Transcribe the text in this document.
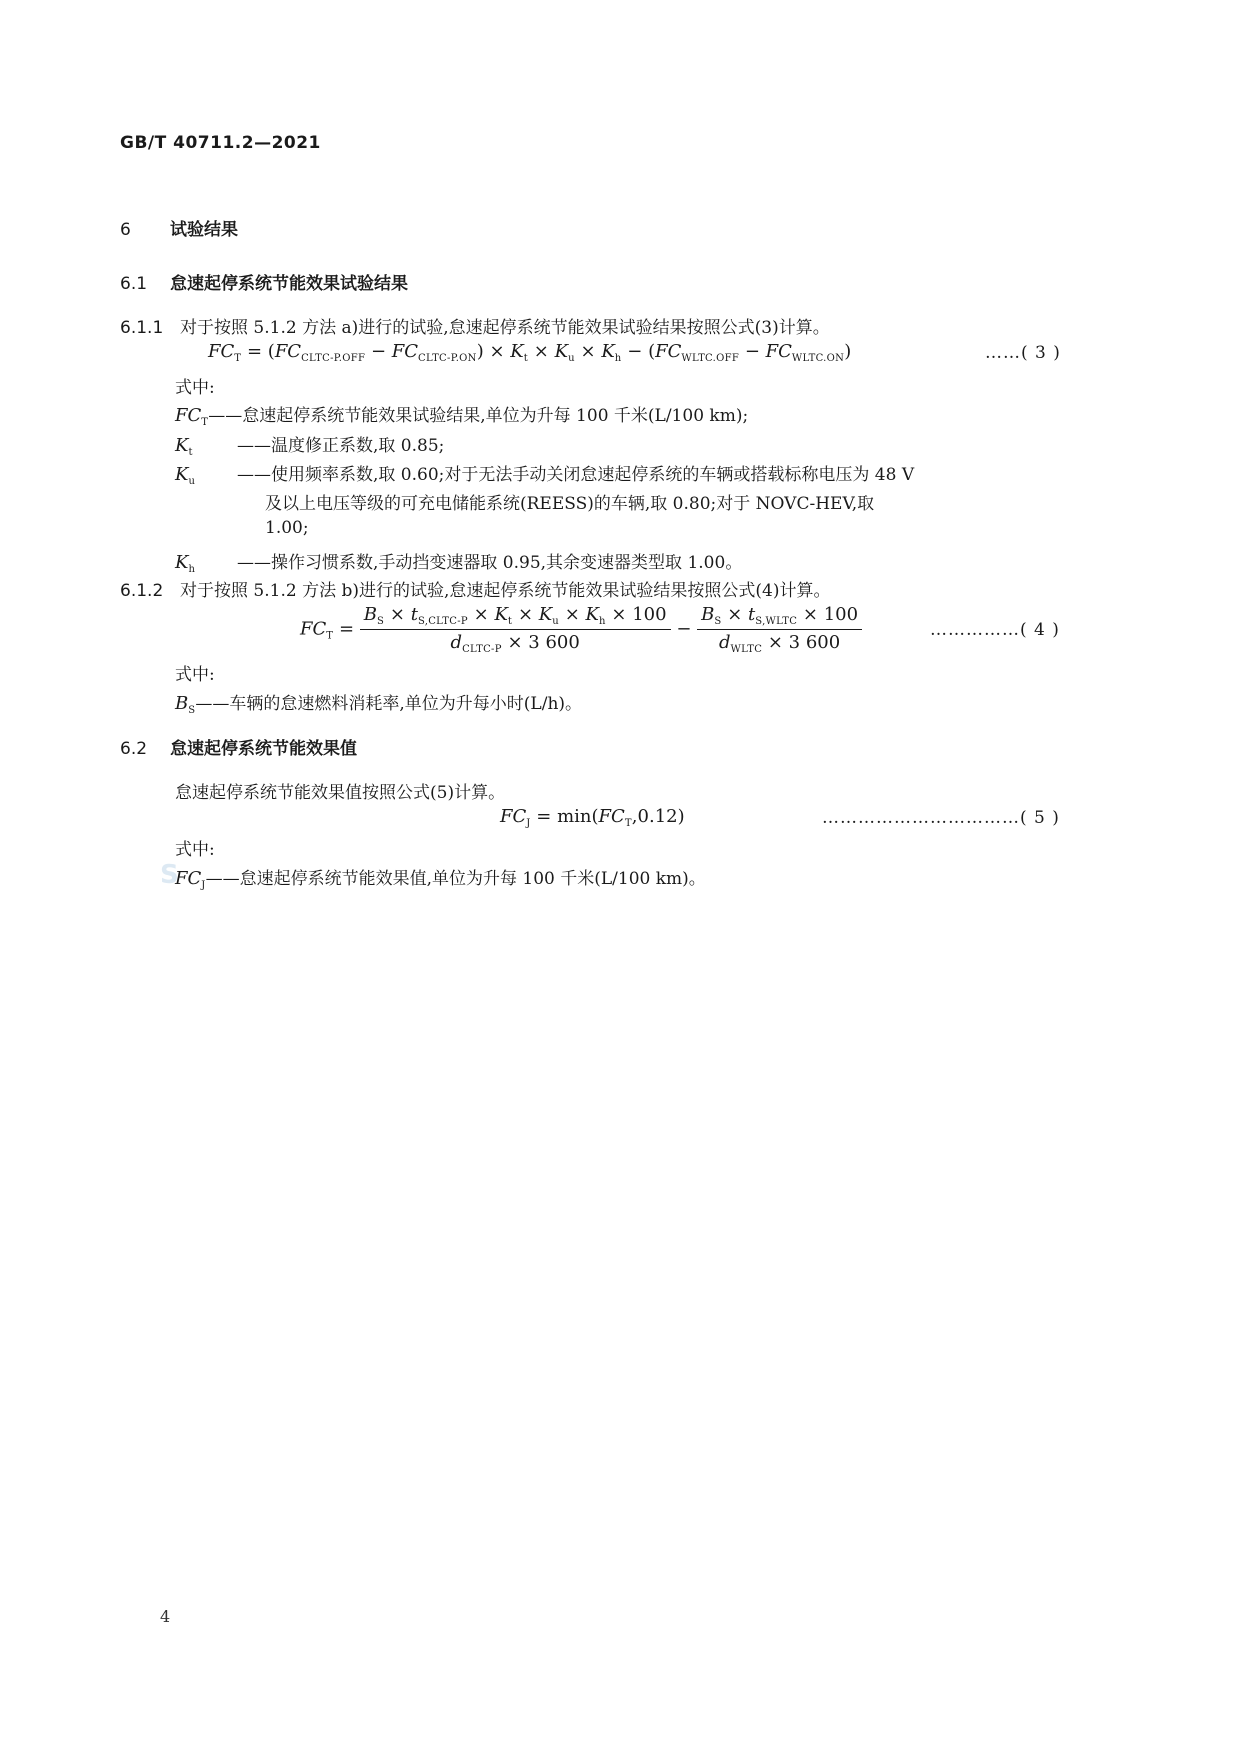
GB/T 40711.2—2021
6 试验结果
6.1 怠速起停系统节能效果试验结果
6.1.1 对于按照 5.1.2 方法 a)进行的试验,怠速起停系统节能效果试验结果按照公式(3)计算。
$FC_T = (FC_{CLTC-P.OFF} - FC_{CLTC-P.ON}) \times K_t \times K_u \times K_h - (FC_{WLTC.OFF} - FC_{WLTC.ON})$	……( 3 )
式中:
$FC_T——$怠速起停系统节能效果试验结果,单位为升每 100 千米(L/100 km);
$K_t$	——温度修正系数,取 0.85;
$K_u$ ——使用频率系数,取 0.60;对于无法手动关闭怠速起停系统的车辆或搭载标称电压为 48 V
及以上电压等级的可充电储能系统(REESS)的车辆,取 0.80;对于 NOVC-HEV,取
1.00;
$K_h$ ——操作习惯系数,手动挡变速器取 0.95,其余变速器类型取 1.00。
6.1.2 对于按照 5.1.2 方法 b)进行的试验,怠速起停系统节能效果试验结果按照公式(4)计算。
$FC_T = \frac{B_S \times t_{S,CLTC-P} \times K_t \times K_u \times K_h \times 100}{d_{CLTC-P} \times 3 600} - \frac{B_S \times t_{S,WLTC} \times 100}{d_{WLTC} \times 3 600}$	……………( 4 )
式中:
$B_S——$车辆的怠速燃料消耗率,单位为升每小时(L/h)。
6.2 怠速起停系统节能效果值
怠速起停系统节能效果值按照公式(5)计算。
$FC_J = \min(FC_T,0.12)$	……………………………( 5 )
式中:
S
$FC_J——$怠速起停系统节能效果值,单位为升每 100 千米(L/100 km)。
4
